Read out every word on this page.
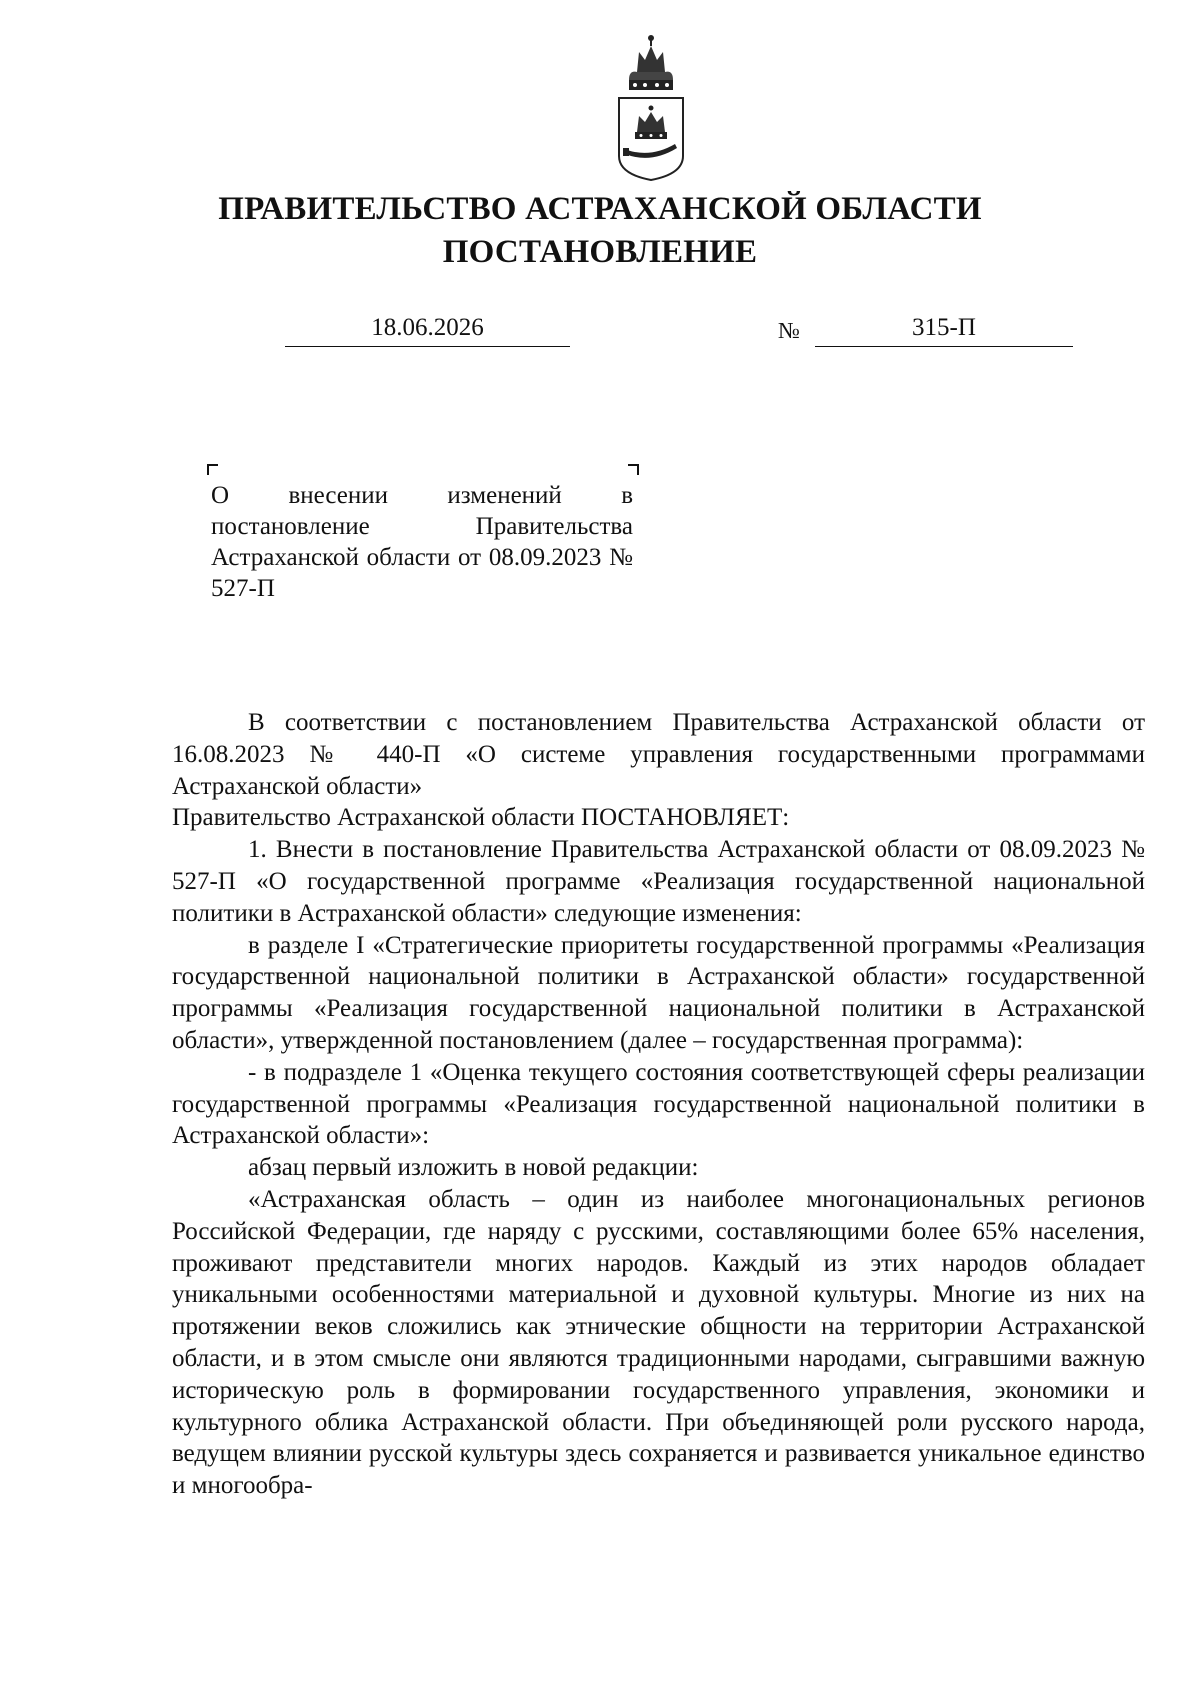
ПРАВИТЕЛЬСТВО АСТРАХАНСКОЙ ОБЛАСТИ
ПОСТАНОВЛЕНИЕ
18.06.2026	№	315-П
О внесении изменений в постановление Правительства Астраханской области от 08.09.2023 № 527-П

В соответствии с постановлением Правительства Астраханской области от 16.08.2023 № 440-П «О системе управления государственными программами Астраханской области»

Правительство Астраханской области ПОСТАНОВЛЯЕТ:

1. Внести в постановление Правительства Астраханской области от 08.09.2023 № 527-П «О государственной программе «Реализация государственной национальной политики в Астраханской области» следующие изменения:

в разделе I «Стратегические приоритеты государственной программы «Реализация государственной национальной политики в Астраханской области» государственной программы «Реализация государственной национальной политики в Астраханской области», утвержденной постановлением (далее – государственная программа):

- в подразделе 1 «Оценка текущего состояния соответствующей сферы реализации государственной программы «Реализация государственной национальной политики в Астраханской области»:

абзац первый изложить в новой редакции:

«Астраханская область – один из наиболее многонациональных регионов Российской Федерации, где наряду с русскими, составляющими более 65% населения, проживают представители многих народов. Каждый из этих народов обладает уникальными особенностями материальной и духовной культуры. Многие из них на протяжении веков сложились как этнические общности на территории Астраханской области, и в этом смысле они являются традиционными народами, сыгравшими важную историческую роль в формировании государственного управления, экономики и культурного облика Астраханской области. При объединяющей роли русского народа, ведущем влиянии русской культуры здесь сохраняется и развивается уникальное единство и многообра-
